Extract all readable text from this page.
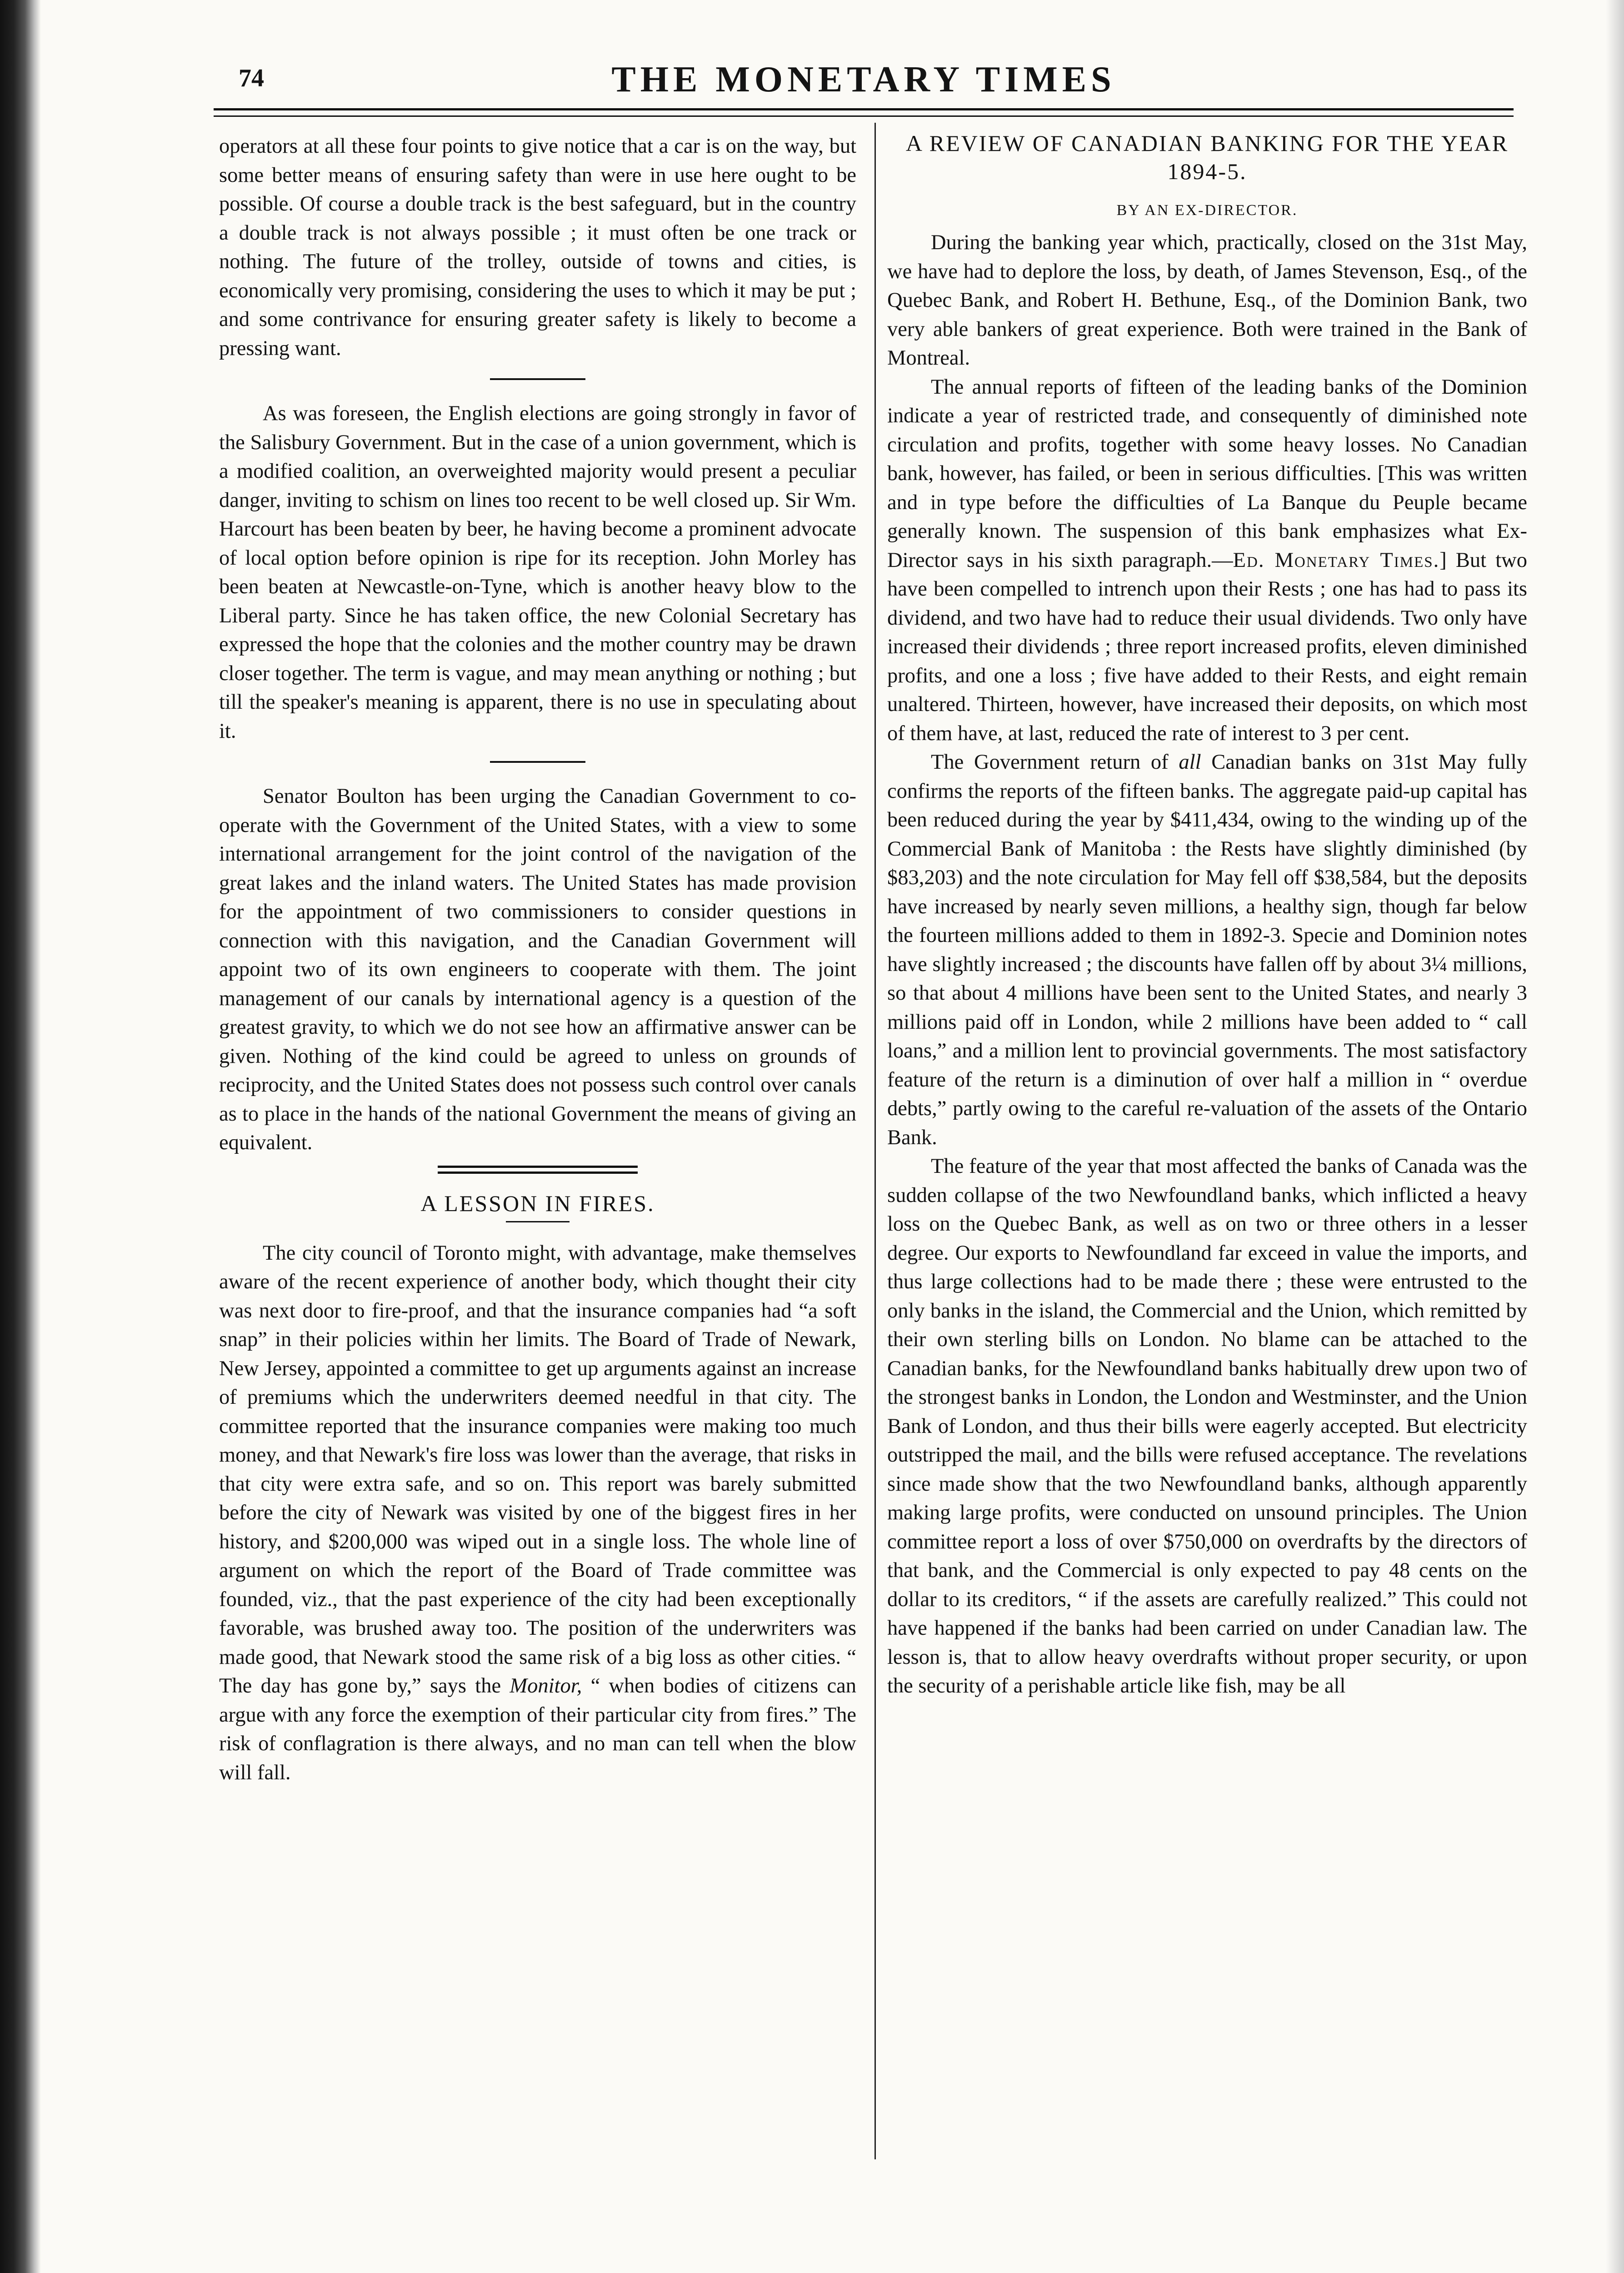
74	THE MONETARY TIMES

operators at all these four points to give notice that a car is on the way, but some better means of ensuring safety than were in use here ought to be possible. Of course a double track is the best safeguard, but in the country a double track is not always possible ; it must often be one track or nothing. The future of the trolley, outside of towns and cities, is economically very promising, considering the uses to which it may be put ; and some contrivance for ensuring greater safety is likely to become a pressing want.

As was foreseen, the English elections are going strongly in favor of the Salisbury Government. But in the case of a union government, which is a modified coalition, an overweighted majority would present a peculiar danger, inviting to schism on lines too recent to be well closed up. Sir Wm. Harcourt has been beaten by beer, he having become a prominent advocate of local option before opinion is ripe for its reception. John Morley has been beaten at Newcastle-on-Tyne, which is another heavy blow to the Liberal party. Since he has taken office, the new Colonial Secretary has expressed the hope that the colonies and the mother country may be drawn closer together. The term is vague, and may mean anything or nothing ; but till the speaker's meaning is apparent, there is no use in speculating about it.

Senator Boulton has been urging the Canadian Government to co-operate with the Government of the United States, with a view to some international arrangement for the joint control of the navigation of the great lakes and the inland waters. The United States has made provision for the appointment of two commissioners to consider questions in connection with this navigation, and the Canadian Government will appoint two of its own engineers to cooperate with them. The joint management of our canals by international agency is a question of the greatest gravity, to which we do not see how an affirmative answer can be given. Nothing of the kind could be agreed to unless on grounds of reciprocity, and the United States does not possess such control over canals as to place in the hands of the national Government the means of giving an equivalent.

A LESSON IN FIRES.

The city council of Toronto might, with advantage, make themselves aware of the recent experience of another body, which thought their city was next door to fire-proof, and that the insurance companies had “a soft snap” in their policies within her limits. The Board of Trade of Newark, New Jersey, appointed a committee to get up arguments against an increase of premiums which the underwriters deemed needful in that city. The committee reported that the insurance companies were making too much money, and that Newark's fire loss was lower than the average, that risks in that city were extra safe, and so on. This report was barely submitted before the city of Newark was visited by one of the biggest fires in her history, and $200,000 was wiped out in a single loss. The whole line of argument on which the report of the Board of Trade committee was founded, viz., that the past experience of the city had been exceptionally favorable, was brushed away too. The position of the underwriters was made good, that Newark stood the same risk of a big loss as other cities. “ The day has gone by,” says the Monitor, “ when bodies of citizens can argue with any force the exemption of their particular city from fires.” The risk of conflagration is there always, and no man can tell when the blow will fall.

A REVIEW OF CANADIAN BANKING FOR THE YEAR 1894-5.
BY AN EX-DIRECTOR.

During the banking year which, practically, closed on the 31st May, we have had to deplore the loss, by death, of James Stevenson, Esq., of the Quebec Bank, and Robert H. Bethune, Esq., of the Dominion Bank, two very able bankers of great experience. Both were trained in the Bank of Montreal.

The annual reports of fifteen of the leading banks of the Dominion indicate a year of restricted trade, and consequently of diminished note circulation and profits, together with some heavy losses. No Canadian bank, however, has failed, or been in serious difficulties. [This was written and in type before the difficulties of La Banque du Peuple became generally known. The suspension of this bank emphasizes what Ex-Director says in his sixth paragraph.—Ed. Monetary Times.] But two have been compelled to intrench upon their Rests ; one has had to pass its dividend, and two have had to reduce their usual dividends. Two only have increased their dividends ; three report increased profits, eleven diminished profits, and one a loss ; five have added to their Rests, and eight remain unaltered. Thirteen, however, have increased their deposits, on which most of them have, at last, reduced the rate of interest to 3 per cent.

The Government return of all Canadian banks on 31st May fully confirms the reports of the fifteen banks. The aggregate paid-up capital has been reduced during the year by $411,434, owing to the winding up of the Commercial Bank of Manitoba : the Rests have slightly diminished (by $83,203) and the note circulation for May fell off $38,584, but the deposits have increased by nearly seven millions, a healthy sign, though far below the fourteen millions added to them in 1892-3. Specie and Dominion notes have slightly increased ; the discounts have fallen off by about 3¼ millions, so that about 4 millions have been sent to the United States, and nearly 3 millions paid off in London, while 2 millions have been added to “ call loans,” and a million lent to provincial governments. The most satisfactory feature of the return is a diminution of over half a million in “ overdue debts,” partly owing to the careful re-valuation of the assets of the Ontario Bank.

The feature of the year that most affected the banks of Canada was the sudden collapse of the two Newfoundland banks, which inflicted a heavy loss on the Quebec Bank, as well as on two or three others in a lesser degree. Our exports to Newfoundland far exceed in value the imports, and thus large collections had to be made there ; these were entrusted to the only banks in the island, the Commercial and the Union, which remitted by their own sterling bills on London. No blame can be attached to the Canadian banks, for the Newfoundland banks habitually drew upon two of the strongest banks in London, the London and Westminster, and the Union Bank of London, and thus their bills were eagerly accepted. But electricity outstripped the mail, and the bills were refused acceptance. The revelations since made show that the two Newfoundland banks, although apparently making large profits, were conducted on unsound principles. The Union committee report a loss of over $750,000 on overdrafts by the directors of that bank, and the Commercial is only expected to pay 48 cents on the dollar to its creditors, “ if the assets are carefully realized.” This could not have happened if the banks had been carried on under Canadian law. The lesson is, that to allow heavy overdrafts without proper security, or upon the security of a perishable article like fish, may be all
